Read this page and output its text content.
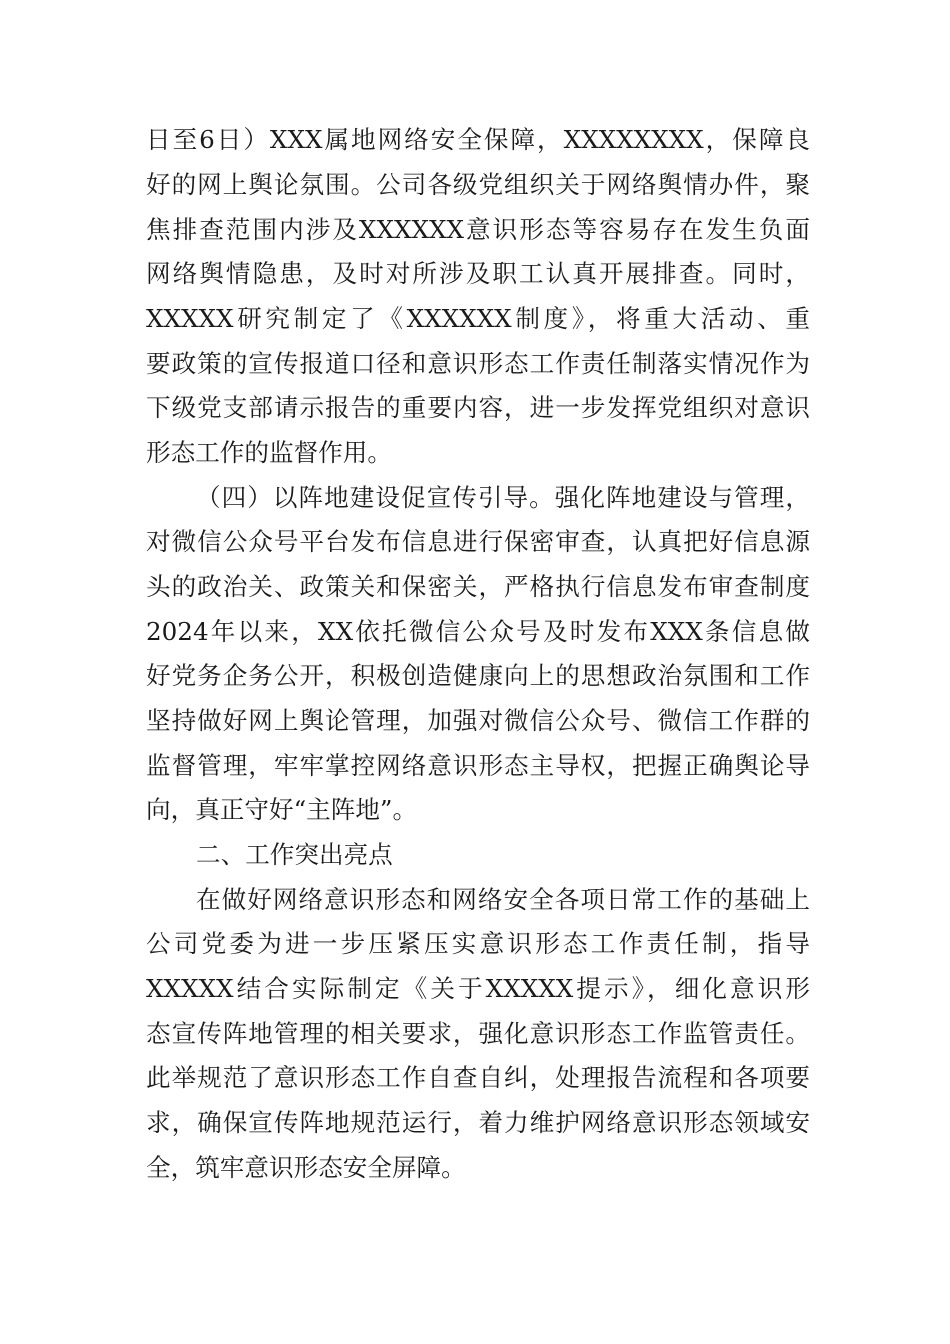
日至6日）XXX属地网络安全保障，XXXXXXXX，保障良
好的网上舆论氛围。公司各级党组织关于网络舆情办件，聚
焦排查范围内涉及XXXXXX意识形态等容易存在发生负面
网络舆情隐患，及时对所涉及职工认真开展排查。同时，
XXXXX研究制定了《XXXXXX制度》，将重大活动、重
要政策的宣传报道口径和意识形态工作责任制落实情况作为
下级党支部请示报告的重要内容，进一步发挥党组织对意识
形态工作的监督作用。
（四）以阵地建设促宣传引导。强化阵地建设与管理，
对微信公众号平台发布信息进行保密审查，认真把好信息源
头的政治关、政策关和保密关，严格执行信息发布审查制度
2024年以来，XX依托微信公众号及时发布XXX条信息做
好党务企务公开，积极创造健康向上的思想政治氛围和工作
坚持做好网上舆论管理，加强对微信公众号、微信工作群的
监督管理，牢牢掌控网络意识形态主导权，把握正确舆论导
向，真正守好“主阵地”。
二、工作突出亮点
在做好网络意识形态和网络安全各项日常工作的基础上
公司党委为进一步压紧压实意识形态工作责任制，指导
XXXXX结合实际制定《关于XXXXX提示》，细化意识形
态宣传阵地管理的相关要求，强化意识形态工作监管责任。
此举规范了意识形态工作自查自纠，处理报告流程和各项要
求，确保宣传阵地规范运行，着力维护网络意识形态领域安
全，筑牢意识形态安全屏障。
